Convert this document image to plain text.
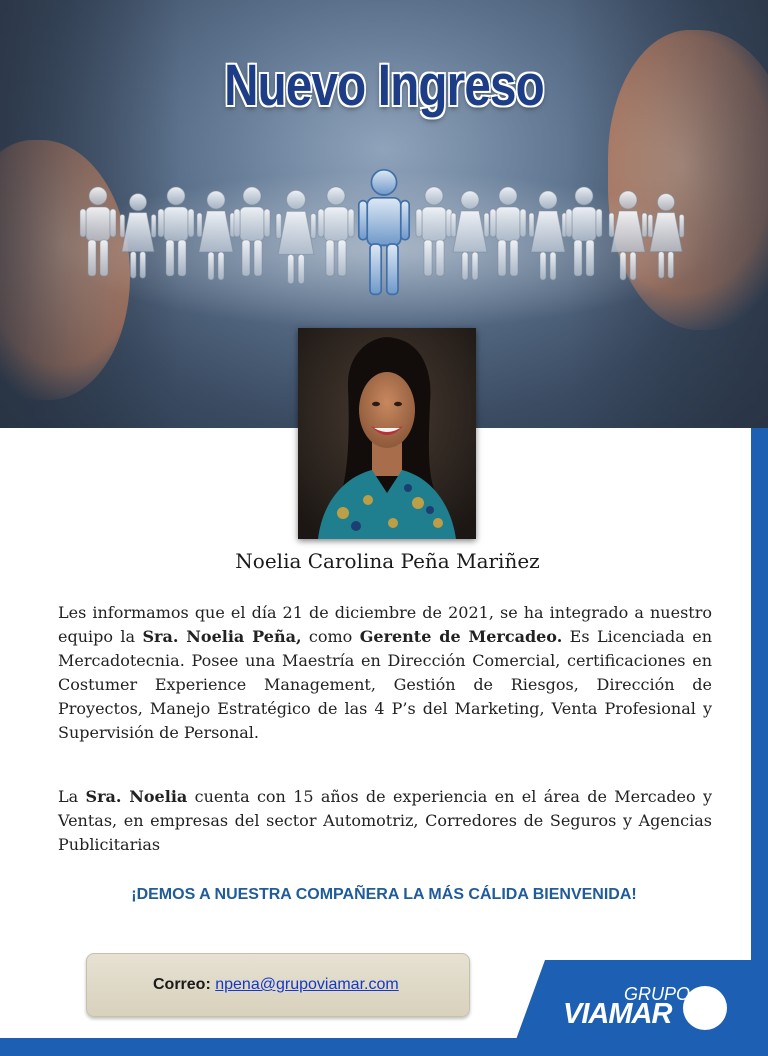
Nuevo Ingreso
Noelia Carolina Peña Mariñez
Les informamos que el día 21 de diciembre de 2021, se ha integrado a nuestro equipo la Sra. Noelia Peña, como Gerente de Mercadeo. Es Licenciada en Mercadotecnia. Posee una Maestría en Dirección Comercial, certificaciones en Costumer Experience Management, Gestión de Riesgos, Dirección de Proyectos, Manejo Estratégico de las 4 P’s del Marketing, Venta Profesional y Supervisión de Personal.
La Sra. Noelia cuenta con 15 años de experiencia en el área de Mercadeo y Ventas, en empresas del sector Automotriz, Corredores de Seguros y Agencias Publicitarias
¡DEMOS A NUESTRA COMPAÑERA LA MÁS CÁLIDA BIENVENIDA!
Correo: npena@grupoviamar.com	GRUPO
VIAMAR
